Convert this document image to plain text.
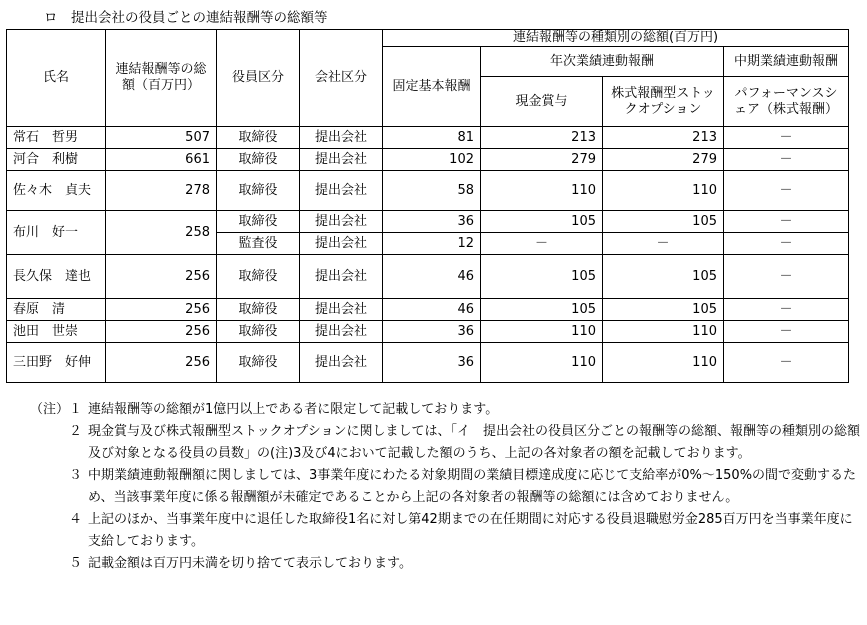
ロ　提出会社の役員ごとの連結報酬等の総額等
氏名	連結報酬等の総額（百万円）	役員区分	会社区分	連結報酬等の種類別の総額(百万円)			
				固定基本報酬	年次業績連動報酬		中期業績連動報酬
					現金賞与	株式報酬型ストックオプション	パフォーマンスシェア（株式報酬）
常石　哲男	507	取締役	提出会社	81	213	213	－
河合　利樹	661	取締役	提出会社	102	279	279	－
佐々木　貞夫	278	取締役	提出会社	58	110	110	－
布川　好一	258	取締役	提出会社	36	105	105	－
		監査役	提出会社	12	－	－	－
長久保　達也	256	取締役	提出会社	46	105	105	－
春原　清	256	取締役	提出会社	46	105	105	－
池田　世崇	256	取締役	提出会社	36	110	110	－
三田野　好伸	256	取締役	提出会社	36	110	110	－
（注）１ 連結報酬等の総額が1億円以上である者に限定して記載しております。
２ 現金賞与及び株式報酬型ストックオプションに関しましては、「イ　提出会社の役員区分ごとの報酬等の総額、報酬等の種類別の総額及び対象となる役員の員数」の(注)3及び4において記載した額のうち、上記の各対象者の額を記載しております。
３ 中期業績連動報酬額に関しましては、3事業年度にわたる対象期間の業績目標達成度に応じて支給率が0%～150%の間で変動するため、当該事業年度に係る報酬額が未確定であることから上記の各対象者の報酬等の総額には含めておりません。
４ 上記のほか、当事業年度中に退任した取締役1名に対し第42期までの在任期間に対応する役員退職慰労金285百万円を当事業年度に支給しております。
５ 記載金額は百万円未満を切り捨てて表示しております。
